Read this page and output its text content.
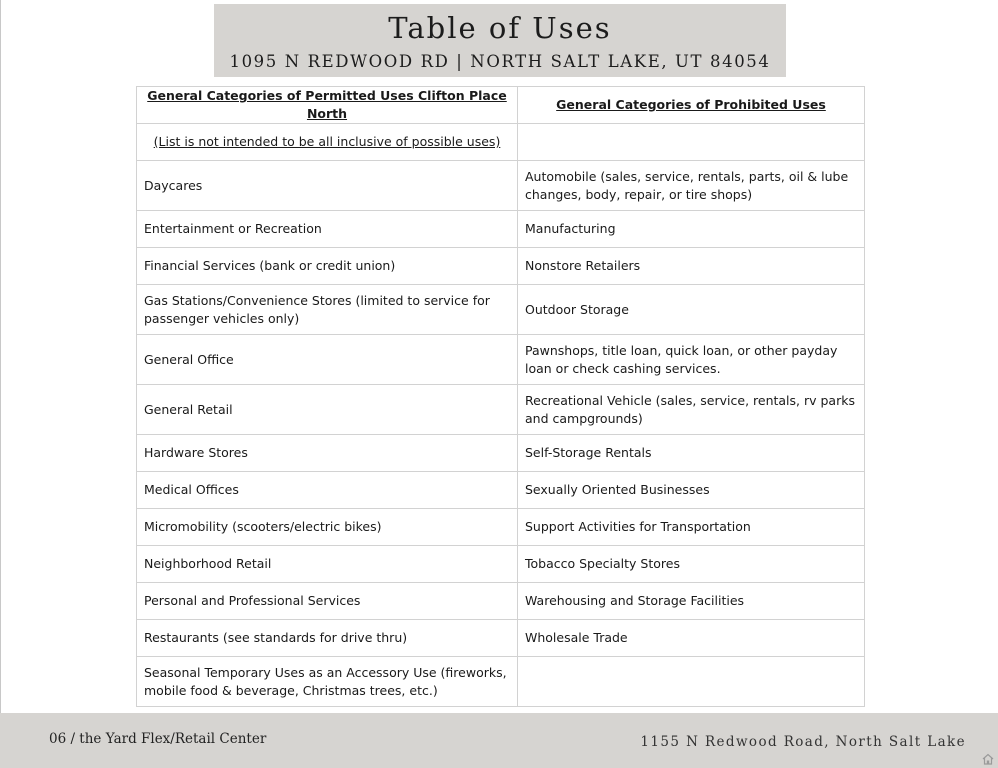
Table of Uses
1095 N REDWOOD RD | NORTH SALT LAKE, UT 84054
General Categories of Permitted Uses Clifton Place North	General Categories of Prohibited Uses
(List is not intended to be all inclusive of possible uses)	
Daycares	Automobile (sales, service, rentals, parts, oil & lube changes, body, repair, or tire shops)
Entertainment or Recreation	Manufacturing
Financial Services (bank or credit union)	Nonstore Retailers
Gas Stations/Convenience Stores (limited to service for passenger vehicles only)	Outdoor Storage
General Office	Pawnshops, title loan, quick loan, or other payday loan or check cashing services.
General Retail	Recreational Vehicle (sales, service, rentals, rv parks and campgrounds)
Hardware Stores	Self-Storage Rentals
Medical Offices	Sexually Oriented Businesses
Micromobility (scooters/electric bikes)	Support Activities for Transportation
Neighborhood Retail	Tobacco Specialty Stores
Personal and Professional Services	Warehousing and Storage Facilities
Restaurants (see standards for drive thru)	Wholesale Trade
Seasonal Temporary Uses as an Accessory Use (fireworks, mobile food & beverage, Christmas trees, etc.)	
06 / the Yard Flex/Retail Center	1155 N Redwood Road, North Salt Lake
